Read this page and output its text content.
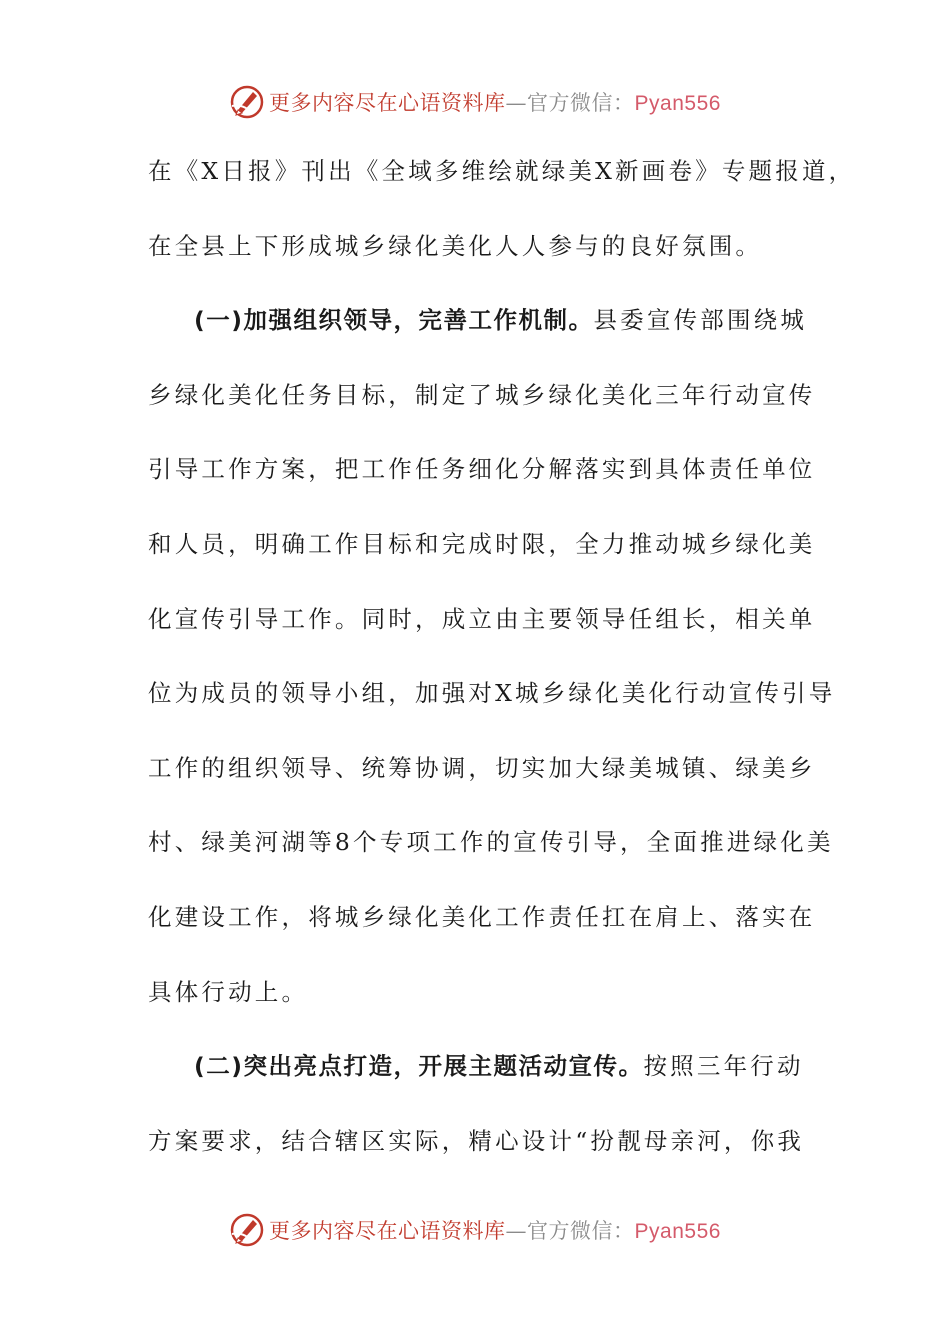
更多内容尽在心语资料库—官方微信：Pyan556
在《X日报》刊出《全域多维绘就绿美X新画卷》专题报道，
在全县上下形成城乡绿化美化人人参与的良好氛围。
(一)加强组织领导，完善工作机制。县委宣传部围绕城
乡绿化美化任务目标，制定了城乡绿化美化三年行动宣传
引导工作方案，把工作任务细化分解落实到具体责任单位
和人员，明确工作目标和完成时限，全力推动城乡绿化美
化宣传引导工作。同时，成立由主要领导任组长，相关单
位为成员的领导小组，加强对X城乡绿化美化行动宣传引导
工作的组织领导、统筹协调，切实加大绿美城镇、绿美乡
村、绿美河湖等8个专项工作的宣传引导，全面推进绿化美
化建设工作，将城乡绿化美化工作责任扛在肩上、落实在
具体行动上。
(二)突出亮点打造，开展主题活动宣传。按照三年行动
方案要求，结合辖区实际，精心设计“扮靓母亲河，你我
更多内容尽在心语资料库—官方微信：Pyan556
